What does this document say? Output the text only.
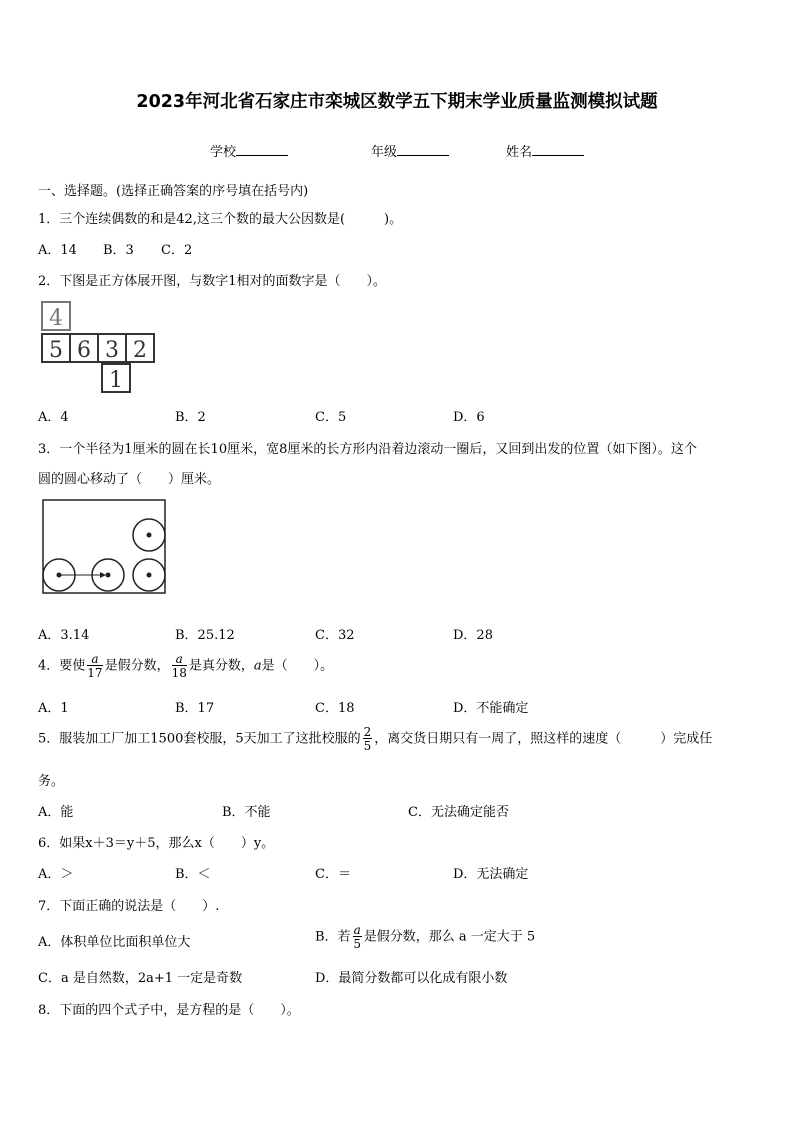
2023年河北省石家庄市栾城区数学五下期末学业质量监测模拟试题
学校	年级	姓名
一、选择题。(选择正确答案的序号填在括号内)
1．三个连续偶数的和是42,这三个数的最大公因数是(　　　)。
A．14 B．3 C．2
2．下图是正方体展开图，与数字1相对的面数字是（　　）。
4
5 6 3 2
1
A．4	B．2	C．5	D．6
3．一个半径为1厘米的圆在长10厘米，宽8厘米的长方形内沿着边滚动一圈后，又回到出发的位置（如下图）。这个
圆的圆心移动了（　　）厘米。
A．3.14	B．25.12	C．32	D．28
4．要使 $\frac{a}{17}$ 是假分数， $\frac{a}{18}$ 是真分数，a是（　　）。
A．1	B．17	C．18	D．不能确定
5．服装加工厂加工1500套校服，5天加工了这批校服的 $\frac{2}{5}$ ，离交货日期只有一周了，照这样的速度（　　　）完成任
务。
A．能	B．不能	C．无法确定能否
6．如果x＋3＝y＋5，那么x（　　）y。
A．＞	B．＜	C．＝	D．无法确定
7．下面正确的说法是（　　）.
A．体积单位比面积单位大	B．若 $\frac{a}{5}$ 是假分数，那么 a 一定大于 5
C．a 是自然数，2a+1 一定是奇数	D．最简分数都可以化成有限小数
8．下面的四个式子中，是方程的是（　　）。
